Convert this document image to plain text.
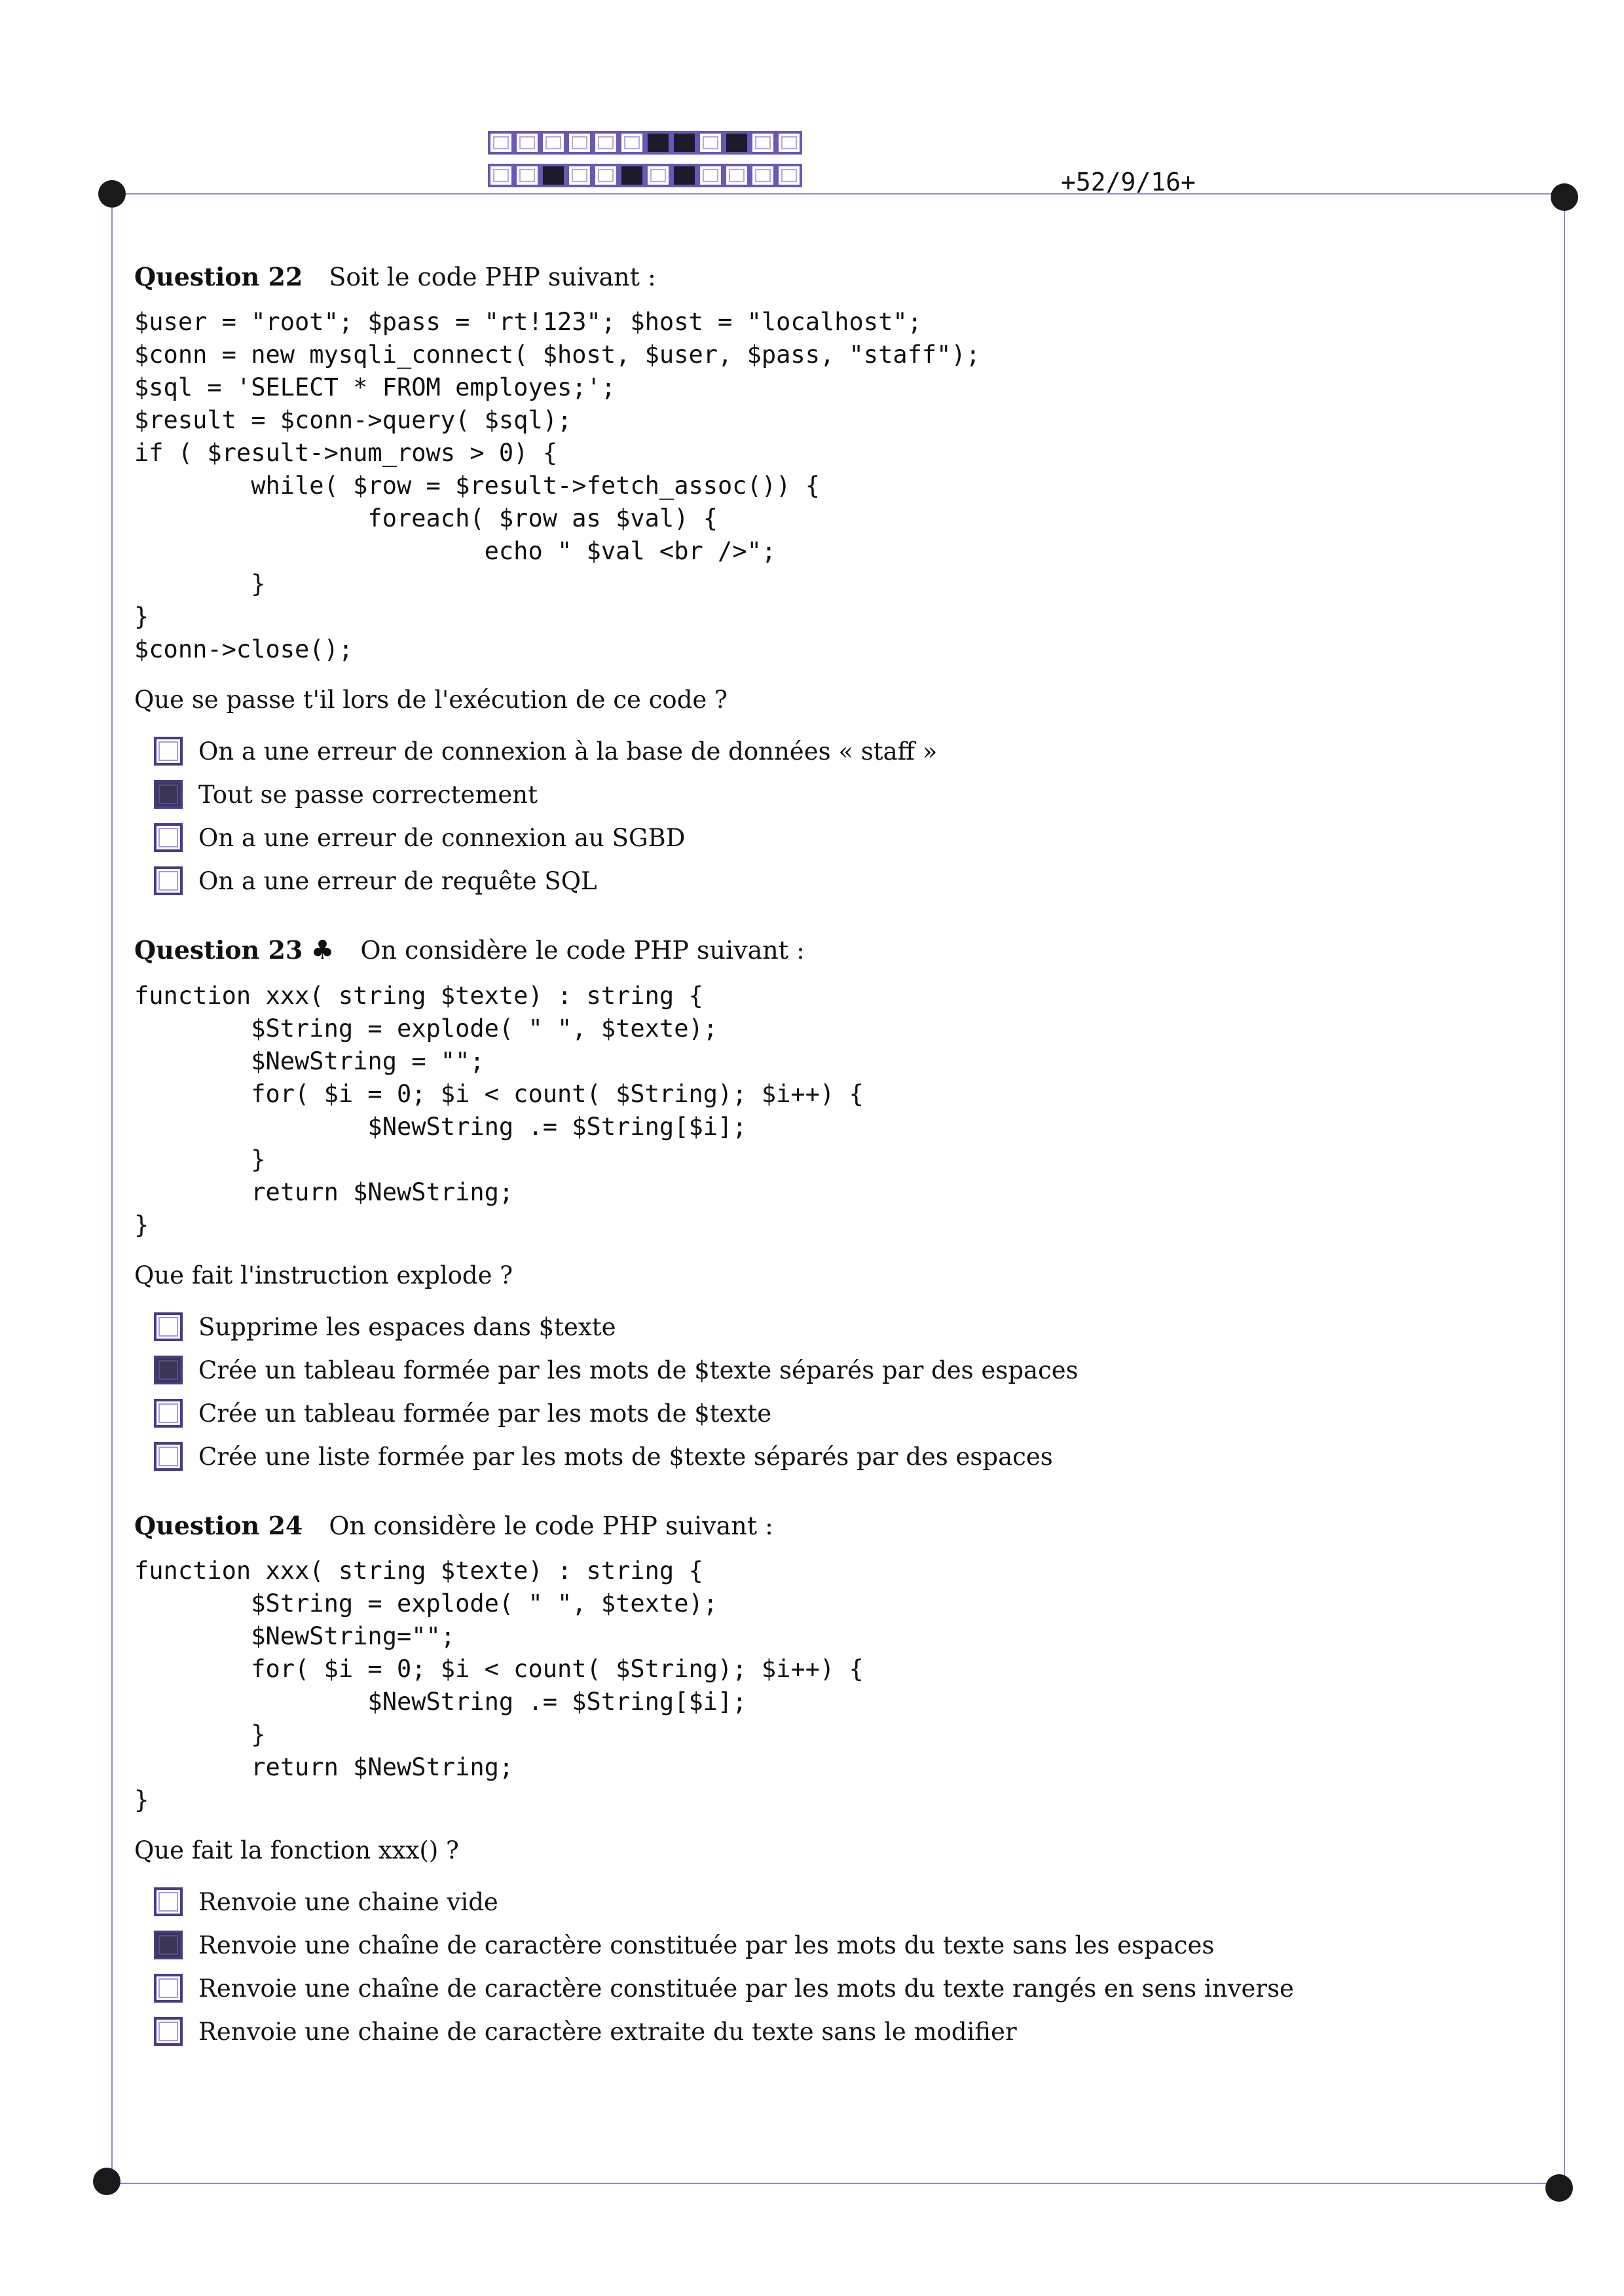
+52/9/16+
Question 22 Soit le code PHP suivant :
$user = "root"; $pass = "rt!123"; $host = "localhost";
$conn = new mysqli_connect( $host, $user, $pass, "staff");
$sql = 'SELECT * FROM employes;';
$result = $conn->query( $sql);
if ( $result->num_rows > 0) {
while( $row = $result->fetch_assoc()) {
foreach( $row as $val) {
echo " $val <br />";
}
}
$conn->close();
Que se passe t'il lors de l'exécution de ce code ?
On a une erreur de connexion à la base de données « staff »
Tout se passe correctement
On a une erreur de connexion au SGBD
On a une erreur de requête SQL
Question 23 ♣ On considère le code PHP suivant :
function xxx( string $texte) : string {
$String = explode( " ", $texte);
$NewString = "";
for( $i = 0; $i < count( $String); $i++) {
$NewString .= $String[$i];
}
return $NewString;
}
Que fait l'instruction explode ?
Supprime les espaces dans $texte
Crée un tableau formée par les mots de $texte séparés par des espaces
Crée un tableau formée par les mots de $texte
Crée une liste formée par les mots de $texte séparés par des espaces
Question 24 On considère le code PHP suivant :
function xxx( string $texte) : string {
$String = explode( " ", $texte);
$NewString="";
for( $i = 0; $i < count( $String); $i++) {
$NewString .= $String[$i];
}
return $NewString;
}
Que fait la fonction xxx() ?
Renvoie une chaine vide
Renvoie une chaîne de caractère constituée par les mots du texte sans les espaces
Renvoie une chaîne de caractère constituée par les mots du texte rangés en sens inverse
Renvoie une chaine de caractère extraite du texte sans le modifier
